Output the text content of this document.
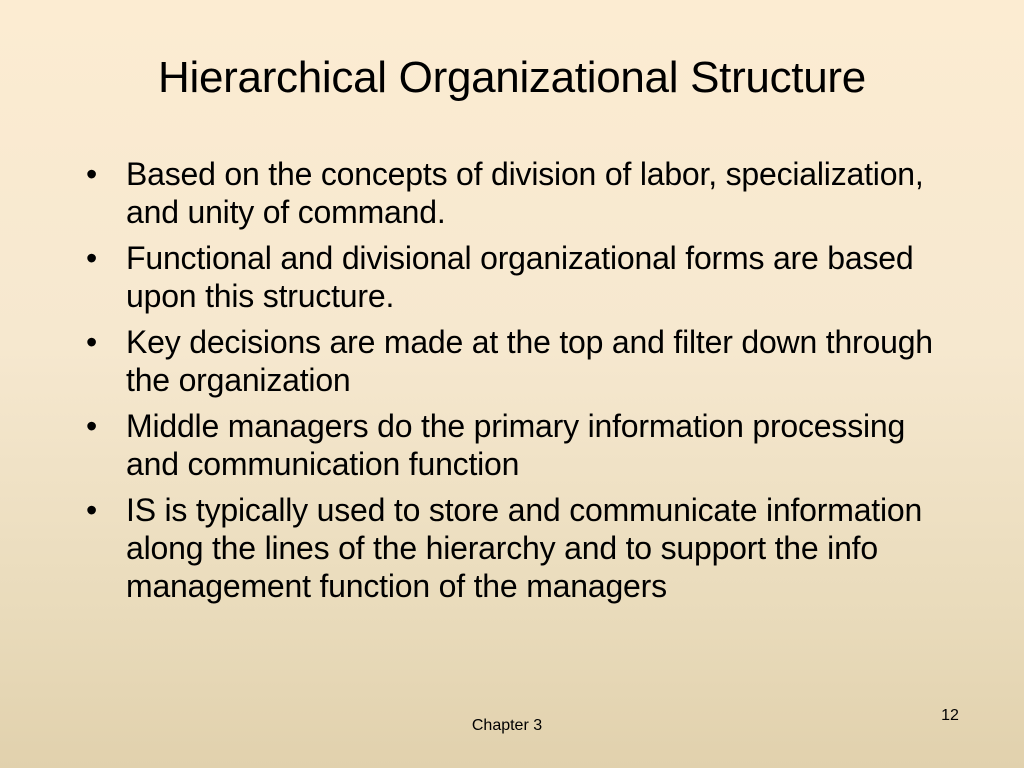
Hierarchical Organizational Structure
• Based on the concepts of division of labor, specialization, and unity of command.
• Functional and divisional organizational forms are based upon this structure.
• Key decisions are made at the top and filter down through the organization
• Middle managers do the primary information processing and communication function
• IS is typically used to store and communicate information along the lines of the hierarchy and to support the info management function of the managers
Chapter 3
12
